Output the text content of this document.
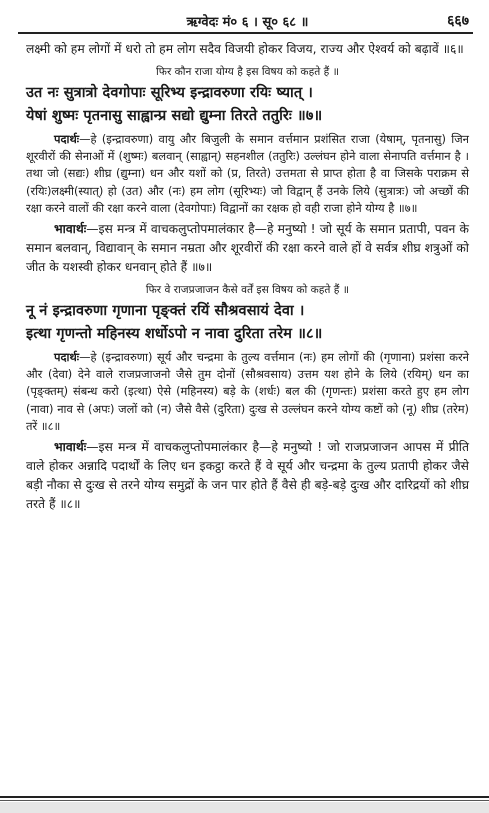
ऋग्वेदः मं० ६ । सू० ६८ ॥	६६७

लक्ष्मी को हम लोगों में धरो तो हम लोग सदैव विजयी होकर विजय, राज्य और ऐश्वर्य को बढ़ावें ॥६॥

फिर कौन राजा योग्य है इस विषय को कहते हैं ॥

उत नः सुत्रात्रो देवगोपाः सूरिभ्य इन्द्रावरुणा रयिः ष्यात् ।

येषां शुष्मः पृतनासु साह्वान्प्र सद्यो द्युम्ना तिरते ततुरिः ॥७॥

पदार्थः—हे (इन्द्रावरुणा) वायु और बिजुली के समान वर्त्तमान प्रशंसित राजा (येषाम्, पृतनासु) जिन शूरवीरों की सेनाओं में (शुष्मः) बलवान् (साह्वान्) सहनशील (ततुरिः) उल्लंघन होने वाला सेनापति वर्त्तमान है । तथा जो (सद्यः) शीघ्र (द्युम्ना) धन और यशों को (प्र, तिरते) उत्तमता से प्राप्त होता है वा जिसके पराक्रम से (रयिः)लक्ष्मी(स्यात्) हो (उत) और (नः) हम लोग (सूरिभ्यः) जो विद्वान् हैं उनके लिये (सुत्रात्रः) जो अच्छों की रक्षा करने वालों की रक्षा करने वाला (देवगोपाः) विद्वानों का रक्षक हो वही राजा होने योग्य है ॥७॥

भावार्थः—इस मन्त्र में वाचकलुप्तोपमालंकार है—हे मनुष्यो ! जो सूर्य के समान प्रतापी, पवन के समान बलवान्, विद्यावान् के समान नम्रता और शूरवीरों की रक्षा करने वाले हों वे सर्वत्र शीघ्र शत्रुओं को जीत के यशस्वी होकर धनवान् होते हैं ॥७॥

फिर वे राजप्रजाजन कैसे वर्तें इस विषय को कहते हैं ॥

नू नं इन्द्रावरुणा गृणाना पृङ्क्तं रयिं सौश्रवसायं देवा ।

इत्था गृणन्तो महिनस्य शर्धोऽपो न नावा दुरिता तरेम ॥८॥

पदार्थः—हे (इन्द्रावरुणा) सूर्य और चन्द्रमा के तुल्य वर्त्तमान (नः) हम लोगों की (गृणाना) प्रशंसा करने और (देवा) देने वाले राजप्रजाजनो जैसे तुम दोनों (सौश्रवसाय) उत्तम यश होने के लिये (रयिम्) धन का (पृङ्क्तम्) संबन्ध करो (इत्था) ऐसे (महिनस्य) बड़े के (शर्धः) बल की (गृणन्तः) प्रशंसा करते हुए हम लोग (नावा) नाव से (अपः) जलों को (न) जैसे वैसे (दुरिता) दुःख से उल्लंघन करने योग्य कष्टों को (नू) शीघ्र (तरेम) तरें ॥८॥

भावार्थः—इस मन्त्र में वाचकलुप्तोपमालंकार है—हे मनुष्यो ! जो राजप्रजाजन आपस में प्रीति वाले होकर अन्नादि पदार्थों के लिए धन इकट्ठा करते हैं वे सूर्य और चन्द्रमा के तुल्य प्रतापी होकर जैसे बड़ी नौका से दुःख से तरने योग्य समुद्रों के जन पार होते हैं वैसे ही बड़े-बड़े दुःख और दारिद्रयों को शीघ्र तरते हैं ॥८॥
